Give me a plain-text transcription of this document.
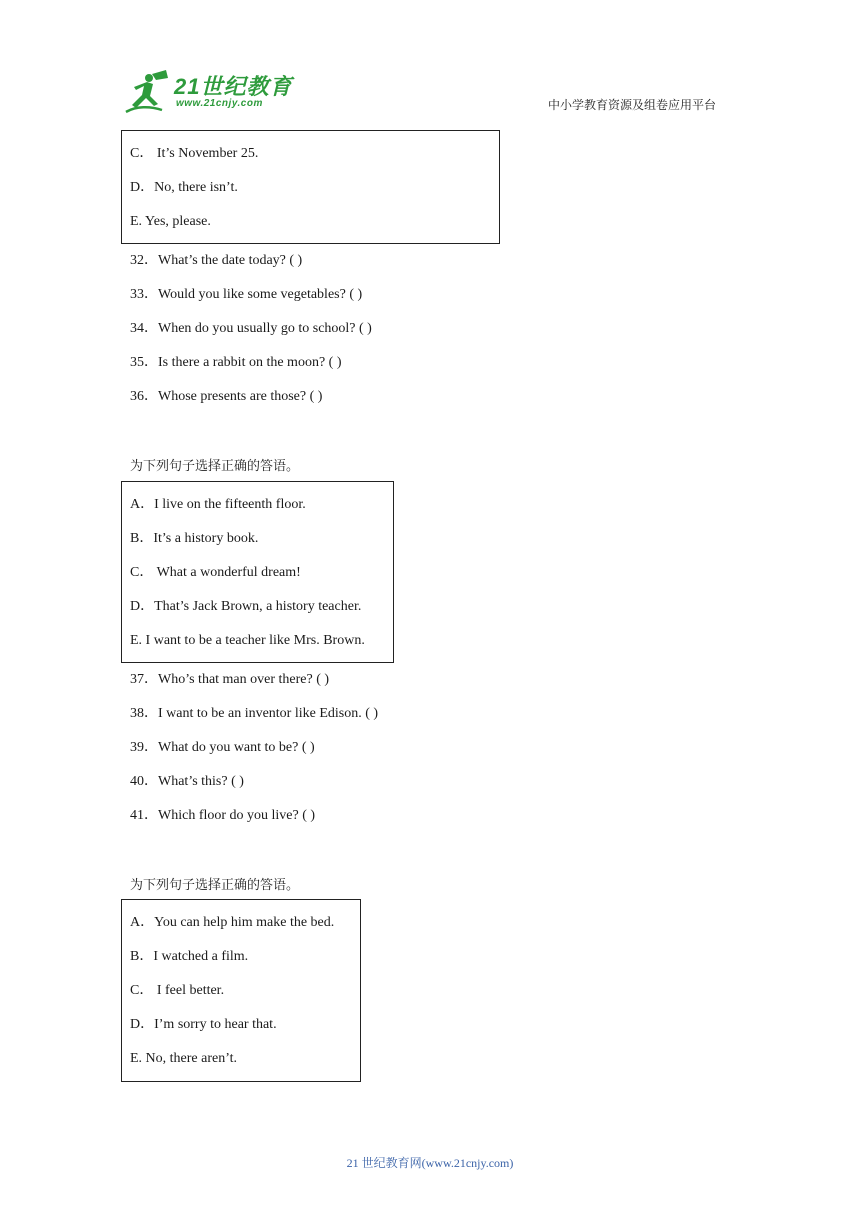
21世纪教育
www.21cnjy.com	中小学教育资源及组卷应用平台
C． It’s November 25.
D．No, there isn’t.
E. Yes, please.
32．What’s the date today? ( )
33．Would you like some vegetables? ( )
34．When do you usually go to school? ( )
35．Is there a rabbit on the moon? ( )
36．Whose presents are those? ( )
为下列句子选择正确的答语。
A．I live on the fifteenth floor.
B．It’s a history book.
C． What a wonderful dream!
D．That’s Jack Brown, a history teacher.
E. I want to be a teacher like Mrs. Brown.
37．Who’s that man over there? ( )
38．I want to be an inventor like Edison. ( )
39．What do you want to be? ( )
40．What’s this? ( )
41．Which floor do you live? ( )
为下列句子选择正确的答语。
A．You can help him make the bed.
B．I watched a film.
C． I feel better.
D．I’m sorry to hear that.
E. No, there aren’t.
21 世纪教育网(www.21cnjy.com)
